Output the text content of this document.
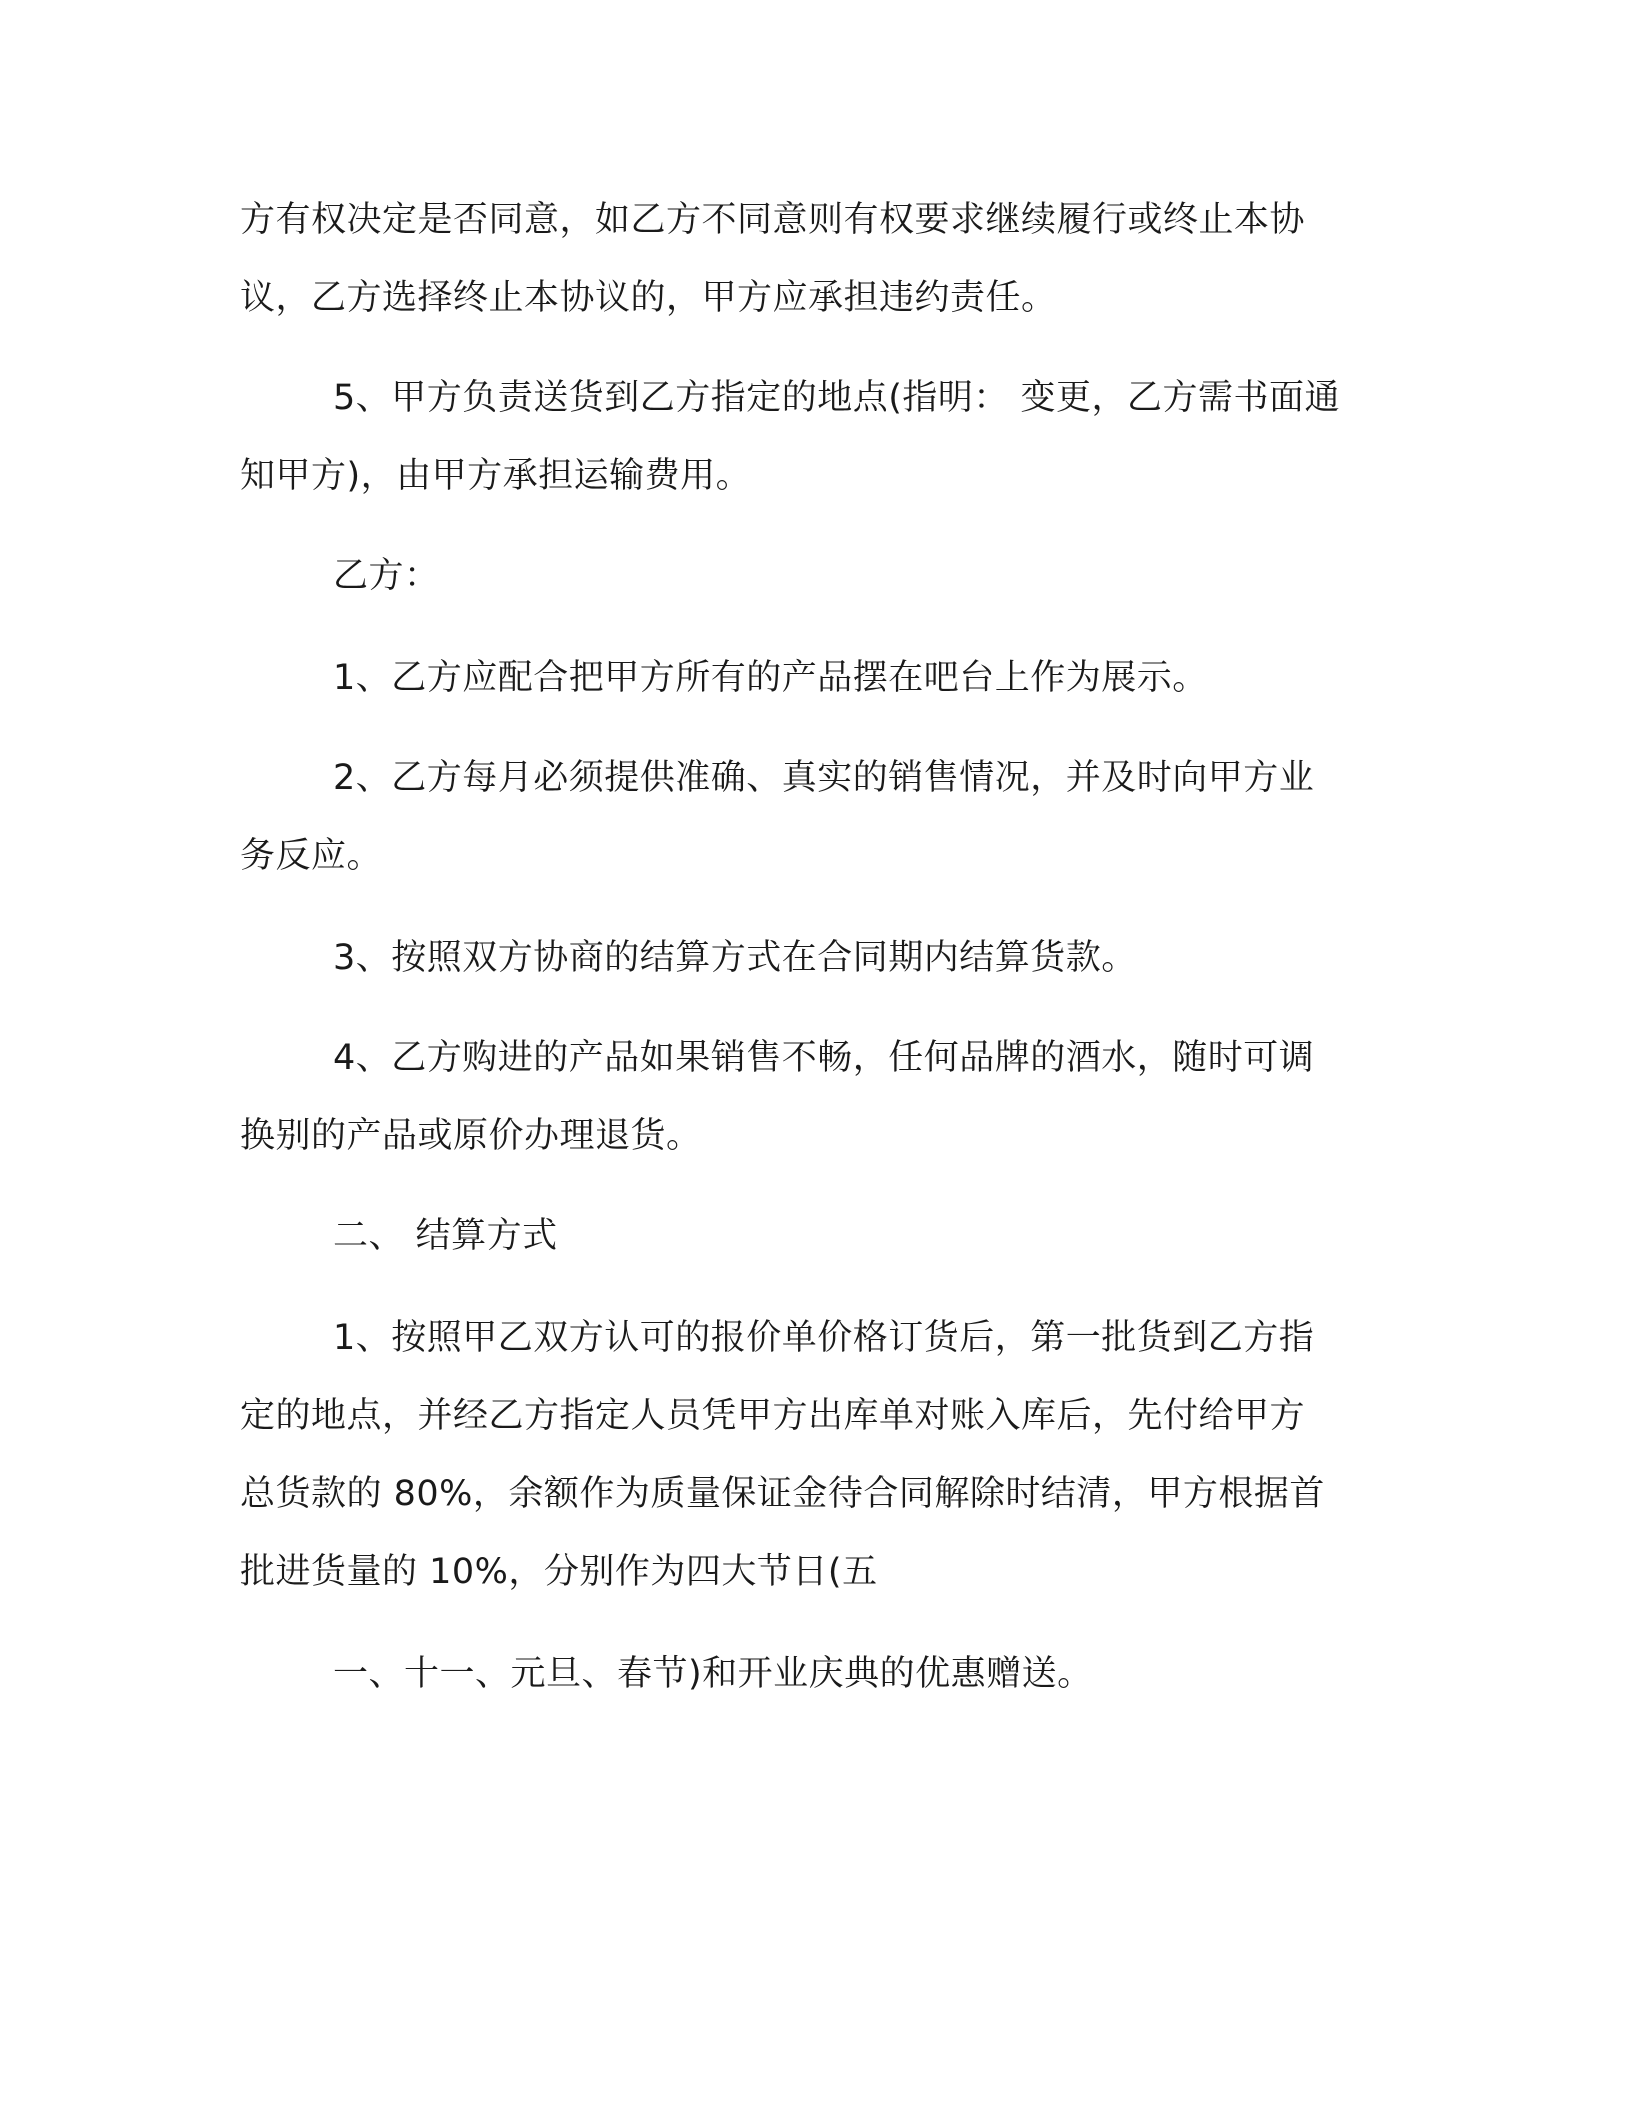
方有权决定是否同意，如乙方不同意则有权要求继续履行或终止本协
议，乙方选择终止本协议的，甲方应承担违约责任。
5、甲方负责送货到乙方指定的地点(指明： 变更，乙方需书面通
知甲方)，由甲方承担运输费用。
乙方：
1、乙方应配合把甲方所有的产品摆在吧台上作为展示。
2、乙方每月必须提供准确、真实的销售情况，并及时向甲方业
务反应。
3、按照双方协商的结算方式在合同期内结算货款。
4、乙方购进的产品如果销售不畅，任何品牌的酒水，随时可调
换别的产品或原价办理退货。
二、 结算方式
1、按照甲乙双方认可的报价单价格订货后，第一批货到乙方指
定的地点，并经乙方指定人员凭甲方出库单对账入库后，先付给甲方
总货款的 80%，余额作为质量保证金待合同解除时结清，甲方根据首
批进货量的 10%，分别作为四大节日(五
一、十一、元旦、春节)和开业庆典的优惠赠送。
